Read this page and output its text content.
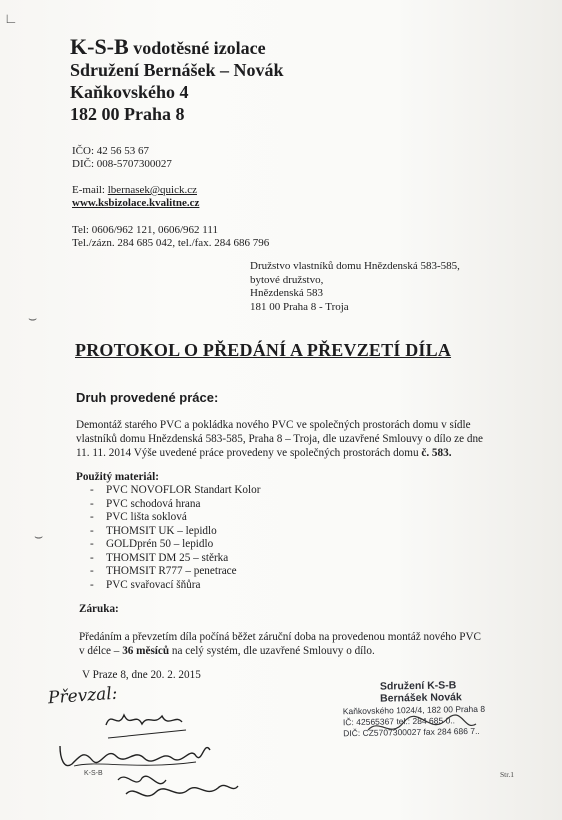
K-S-B vodotěsné izolace
Sdružení Bernášek – Novák
Kaňkovského 4
182 00 Praha 8
IČO: 42 56 53 67
DIČ: 008-5707300027
E-mail: lbernasek@quick.cz
www.ksbizolace.kvalitne.cz
Tel: 0606/962 121, 0606/962 111
Tel./zázn. 284 685 042, tel./fax. 284 686 796
Družstvo vlastníků domu Hnězdenská 583-585,
bytové družstvo,
Hnězdenská 583
181 00 Praha 8 - Troja
PROTOKOL O PŘEDÁNÍ A PŘEVZETÍ DÍLA
Druh provedené práce:
Demontáž starého PVC a pokládka nového PVC ve společných prostorách domu v sídle
vlastníků domu Hnězdenská 583-585, Praha 8 – Troja, dle uzavřené Smlouvy o dílo ze dne
11. 11. 2014 Výše uvedené práce provedeny ve společných prostorách domu č. 583.
Použitý materiál:
- PVC NOVOFLOR Standart Kolor
- PVC schodová hrana
- PVC lišta soklová
- THOMSIT UK – lepidlo
- GOLDprén 50 – lepidlo
- THOMSIT DM 25 – stěrka
- THOMSIT R777 – penetrace
- PVC svařovací šňůra
Záruka:
Předáním a převzetím díla počíná běžet záruční doba na provedenou montáž nového PVC
v délce – 36 měsíců na celý systém, dle uzavřené Smlouvy o dílo.
V Praze 8, dne 20. 2. 2015
Sdružení K-S-B
Bernášek Novák
Kaňkovského 1024/4, 182 00 Praha 8
IČ: 42565367 tel.: 284 685 0..
DIČ: CZ5707300027 fax 284 686 7..
Převzal:
K-S-B	Str.1
∟
⌣
⌣
